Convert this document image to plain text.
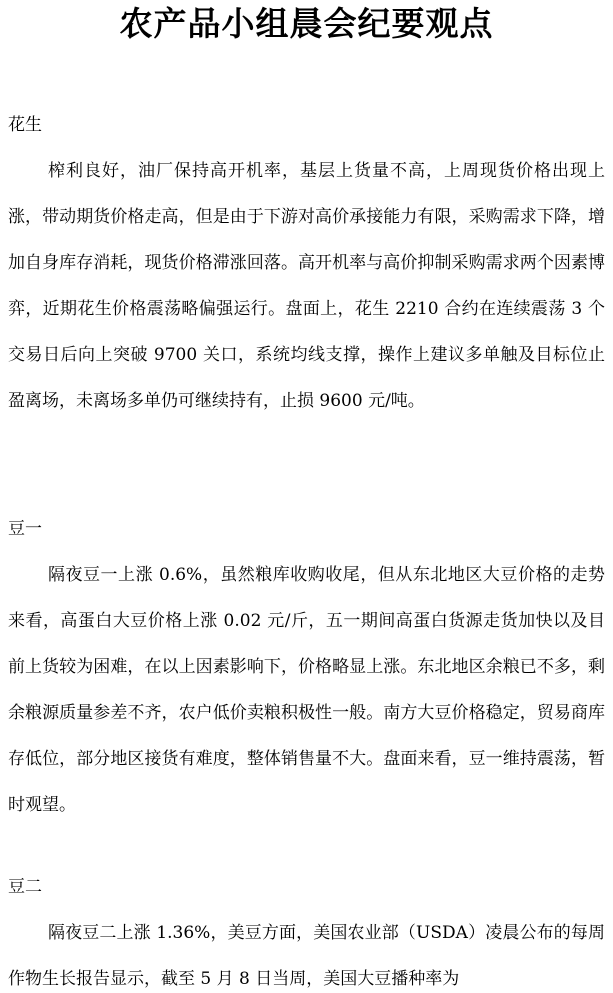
农产品小组晨会纪要观点

花生

榨利良好，油厂保持高开机率，基层上货量不高，上周现货价格出现上涨，带动期货价格走高，但是由于下游对高价承接能力有限，采购需求下降，增加自身库存消耗，现货价格滞涨回落。高开机率与高价抑制采购需求两个因素博弈，近期花生价格震荡略偏强运行。盘面上，花生 2210 合约在连续震荡 3 个交易日后向上突破 9700 关口，系统均线支撑，操作上建议多单触及目标位止盈离场，未离场多单仍可继续持有，止损 9600 元/吨。

豆一

隔夜豆一上涨 0.6%，虽然粮库收购收尾，但从东北地区大豆价格的走势来看，高蛋白大豆价格上涨 0.02 元/斤，五一期间高蛋白货源走货加快以及目前上货较为困难，在以上因素影响下，价格略显上涨。东北地区余粮已不多，剩余粮源质量参差不齐，农户低价卖粮积极性一般。南方大豆价格稳定，贸易商库存低位，部分地区接货有难度，整体销售量不大。盘面来看，豆一维持震荡，暂时观望。

豆二

隔夜豆二上涨 1.36%，美豆方面，美国农业部（USDA）凌晨公布的每周作物生长报告显示，截至 5 月 8 日当周，美国大豆播种率为
